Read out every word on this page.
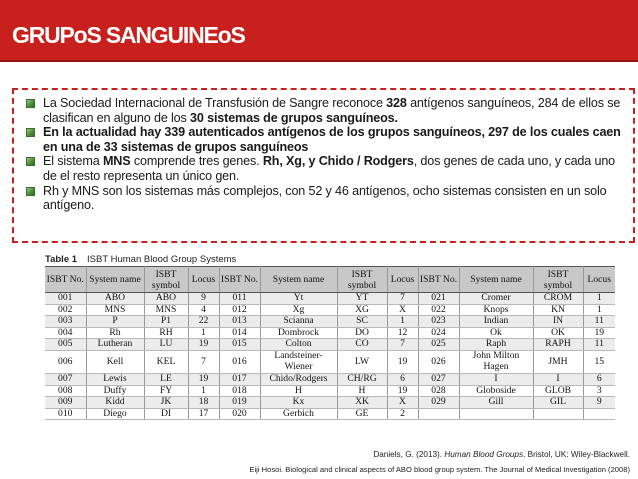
GRUPoS SANGUINEoS
La Sociedad Internacional de Transfusión de Sangre reconoce 328 antígenos sanguíneos, 284 de ellos se clasifican en alguno de los 30 sistemas de grupos sanguíneos.
En la actualidad hay 339 autenticados antígenos de los grupos sanguíneos, 297 de los cuales caen en una de 33 sistemas de grupos sanguíneos
El sistema MNS comprende tres genes. Rh, Xg, y Chido / Rodgers, dos genes de cada uno, y cada uno de el resto representa un único gen.
Rh y MNS son los sistemas más complejos, con 52 y 46 antígenos, ocho sistemas consisten en un solo antígeno.
Table 1 ISBT Human Blood Group Systems
ISBT No.	System name	ISBT symbol	Locus	ISBT No.	System name	ISBT symbol	Locus	ISBT No.	System name	ISBT symbol	Locus
001	ABO	ABO	9	011	Yt	YT	7	021	Cromer	CROM	1
002	MNS	MNS	4	012	Xg	XG	X	022	Knops	KN	1
003	P	P1	22	013	Scianna	SC	1	023	Indian	IN	11
004	Rh	RH	1	014	Dombrock	DO	12	024	Ok	OK	19
005	Lutheran	LU	19	015	Colton	CO	7	025	Raph	RAPH	11
006	Kell	KEL	7	016	Landsteiner-Wiener	LW	19	026	John Milton Hagen	JMH	15
007	Lewis	LE	19	017	Chido/Rodgers	CH/RG	6	027	I	I	6
008	Duffy	FY	1	018	H	H	19	028	Globoside	GLOB	3
009	Kidd	JK	18	019	Kx	XK	X	029	Gill	GIL	9
010	Diego	DI	17	020	Gerbich	GE	2				
Daniels, G. (2013). Human Blood Groups. Bristol, UK: Wiley-Blackwell.
Eiji Hosoi. Biological and clinical aspects of ABO blood group system. The Journal of Medical Investigation (2008)
